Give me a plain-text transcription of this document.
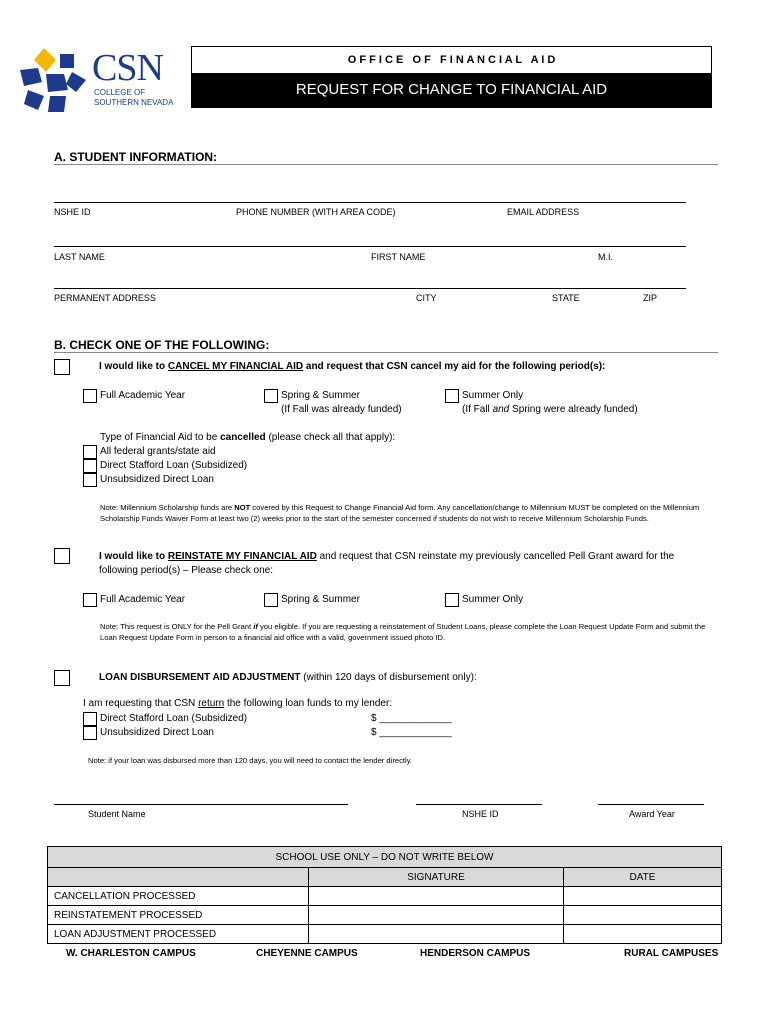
CSN
COLLEGE OF
SOUTHERN NEVADA
O F F I C E   O F   F I N A N C I A L   A I D
REQUEST FOR CHANGE TO FINANCIAL AID
A. STUDENT INFORMATION:
NSHE ID	PHONE NUMBER (WITH AREA CODE)	EMAIL ADDRESS
LAST NAME	FIRST NAME	M.I.
PERMANENT ADDRESS	CITY	STATE	ZIP
B. CHECK ONE OF THE FOLLOWING:
I would like to CANCEL MY FINANCIAL AID and request that CSN cancel my aid for the following period(s):
Full Academic Year	Spring & Summer
(If Fall was already funded)
Summer Only
(If Fall and Spring were already funded)
Type of Financial Aid to be cancelled (please check all that apply):
All federal grants/state aid
Direct Stafford Loan (Subsidized)
Unsubsidized Direct Loan
Note: Millennium Scholarship funds are NOT covered by this Request to Change Financial Aid form. Any cancellation/change to Millennium MUST be completed on the Millennium Scholarship Funds Waiver Form at least two (2) weeks prior to the start of the semester concerned if students do not wish to receive Millennium Scholarship Funds.
I would like to REINSTATE MY FINANCIAL AID and request that CSN reinstate my previously cancelled Pell Grant award for the following period(s) – Please check one:
Full Academic Year	Spring & Summer	Summer Only
Note: This request is ONLY for the Pell Grant if you eligible. If you are requesting a reinstatement of Student Loans, please complete the Loan Request Update Form and submit the Loan Request Update Form in person to a financial aid office with a valid, government issued photo ID.
LOAN DISBURSEMENT AID ADJUSTMENT (within 120 days of disbursement only):
I am requesting that CSN return the following loan funds to my lender:
Direct Stafford Loan (Subsidized)	$ _____________
Unsubsidized Direct Loan	$ _____________
Note: if your loan was disbursed more than 120 days, you will need to contact the lender directly.
Student Name	NSHE ID	Award Year
SCHOOL USE ONLY – DO NOT WRITE BELOW		
	SIGNATURE	DATE
CANCELLATION PROCESSED		
REINSTATEMENT PROCESSED		
LOAN ADJUSTMENT PROCESSED		
W. CHARLESTON CAMPUS	CHEYENNE CAMPUS	HENDERSON CAMPUS	RURAL CAMPUSES
